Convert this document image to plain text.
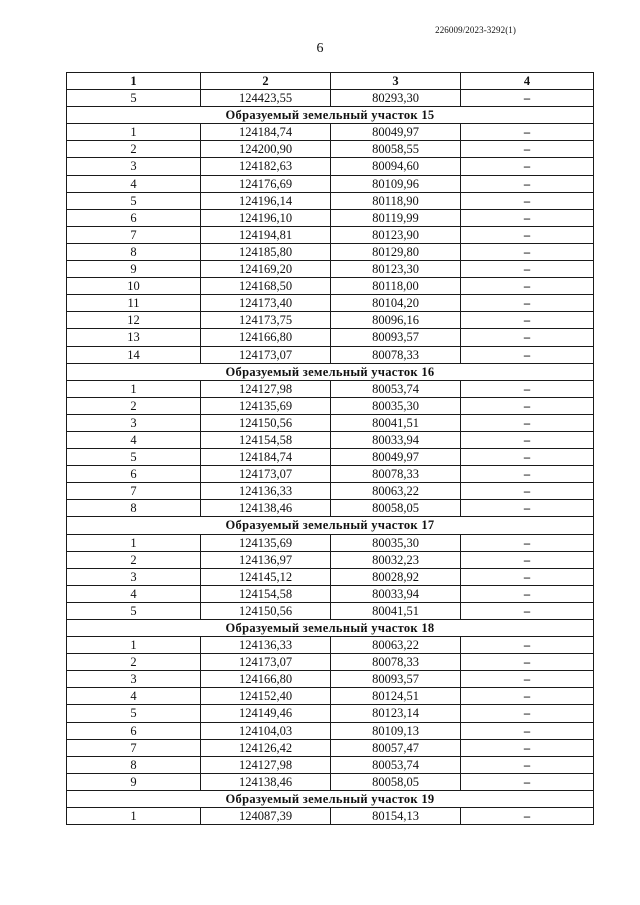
226009/2023-3292(1)
6
1	2	3	4
5	124423,55	80293,30	–
Образуемый земельный участок 15			
1	124184,74	80049,97	–
2	124200,90	80058,55	–
3	124182,63	80094,60	–
4	124176,69	80109,96	–
5	124196,14	80118,90	–
6	124196,10	80119,99	–
7	124194,81	80123,90	–
8	124185,80	80129,80	–
9	124169,20	80123,30	–
10	124168,50	80118,00	–
11	124173,40	80104,20	–
12	124173,75	80096,16	–
13	124166,80	80093,57	–
14	124173,07	80078,33	–
Образуемый земельный участок 16			
1	124127,98	80053,74	–
2	124135,69	80035,30	–
3	124150,56	80041,51	–
4	124154,58	80033,94	–
5	124184,74	80049,97	–
6	124173,07	80078,33	–
7	124136,33	80063,22	–
8	124138,46	80058,05	–
Образуемый земельный участок 17			
1	124135,69	80035,30	–
2	124136,97	80032,23	–
3	124145,12	80028,92	–
4	124154,58	80033,94	–
5	124150,56	80041,51	–
Образуемый земельный участок 18			
1	124136,33	80063,22	–
2	124173,07	80078,33	–
3	124166,80	80093,57	–
4	124152,40	80124,51	–
5	124149,46	80123,14	–
6	124104,03	80109,13	–
7	124126,42	80057,47	–
8	124127,98	80053,74	–
9	124138,46	80058,05	–
Образуемый земельный участок 19			
1	124087,39	80154,13	–
